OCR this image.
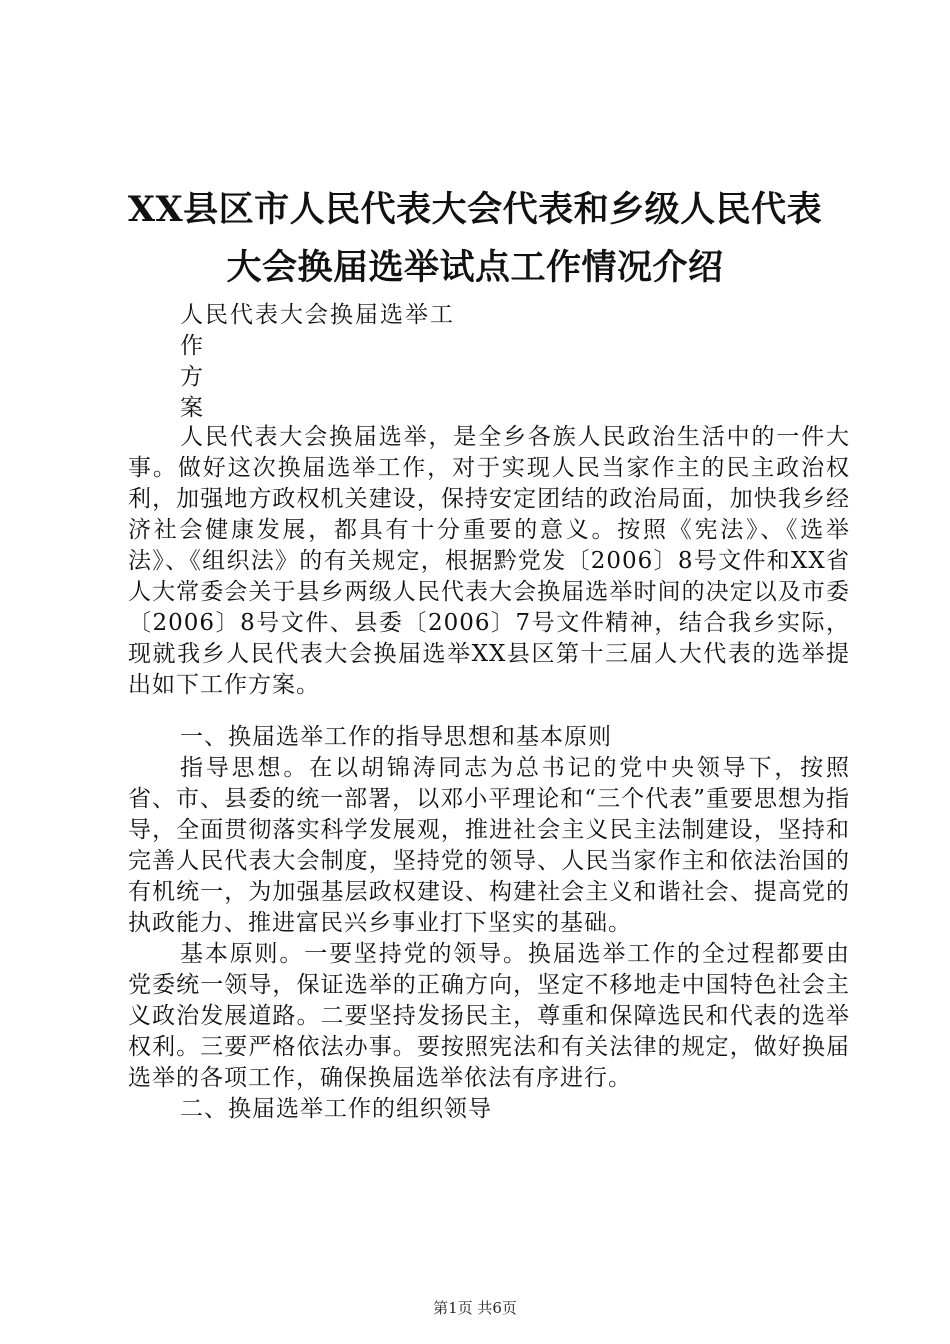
XX县区市人民代表大会代表和乡级人民代表
大会换届选举试点工作情况介绍
人民代表大会换届选举工
作
方
案

人民代表大会换届选举，是全乡各族人民政治生活中的一件大事。做好这次换届选举工作，对于实现人民当家作主的民主政治权利，加强地方政权机关建设，保持安定团结的政治局面，加快我乡经济社会健康发展，都具有十分重要的意义。按照《宪法》、《选举法》、《组织法》的有关规定，根据黔党发〔2006〕8号文件和XX省人大常委会关于县乡两级人民代表大会换届选举时间的决定以及市委〔2006〕8号文件、县委〔2006〕7号文件精神，结合我乡实际，现就我乡人民代表大会换届选举XX县区第十三届人大代表的选举提出如下工作方案。

一、换届选举工作的指导思想和基本原则

指导思想。在以胡锦涛同志为总书记的党中央领导下，按照省、市、县委的统一部署，以邓小平理论和“三个代表”重要思想为指导，全面贯彻落实科学发展观，推进社会主义民主法制建设，坚持和完善人民代表大会制度，坚持党的领导、人民当家作主和依法治国的有机统一，为加强基层政权建设、构建社会主义和谐社会、提高党的执政能力、推进富民兴乡事业打下坚实的基础。

基本原则。一要坚持党的领导。换届选举工作的全过程都要由党委统一领导，保证选举的正确方向，坚定不移地走中国特色社会主义政治发展道路。二要坚持发扬民主，尊重和保障选民和代表的选举权利。三要严格依法办事。要按照宪法和有关法律的规定，做好换届选举的各项工作，确保换届选举依法有序进行。

二、换届选举工作的组织领导

第1页 共6页
